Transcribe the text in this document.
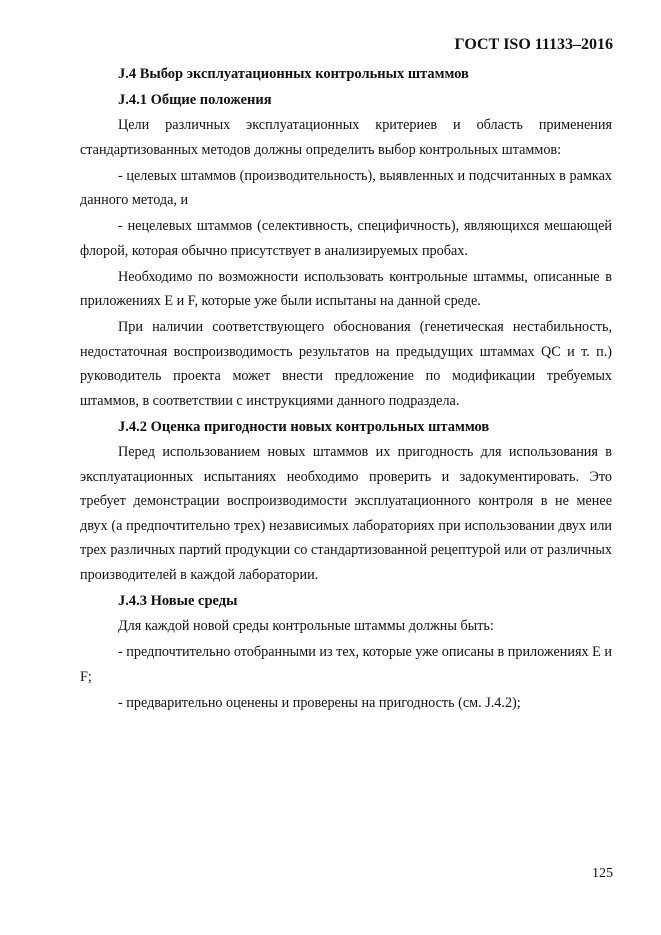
ГОСТ ISO 11133–2016
J.4 Выбор эксплуатационных контрольных штаммов
J.4.1 Общие положения

Цели различных эксплуатационных критериев и область применения стандартизованных методов должны определить выбор контрольных штаммов:

- целевых штаммов (производительность), выявленных и подсчитанных в рамках данного метода, и

- нецелевых штаммов (селективность, специфичность), являющихся мешающей флорой, которая обычно присутствует в анализируемых пробах.

Необходимо по возможности использовать контрольные штаммы, описанные в приложениях E и F, которые уже были испытаны на данной среде.

При наличии соответствующего обоснования (генетическая нестабильность, недостаточная воспроизводимость результатов на предыдущих штаммах QC и т. п.) руководитель проекта может внести предложение по модификации требуемых штаммов, в соответствии с инструкциями данного подраздела.

J.4.2 Оценка пригодности новых контрольных штаммов

Перед использованием новых штаммов их пригодность для использования в эксплуатационных испытаниях необходимо проверить и задокументировать. Это требует демонстрации воспроизводимости эксплуатационного контроля в не менее двух (а предпочтительно трех) независимых лабораториях при использовании двух или трех различных партий продукции со стандартизованной рецептурой или от различных производителей в каждой лаборатории.

J.4.3 Новые среды

Для каждой новой среды контрольные штаммы должны быть:

- предпочтительно отобранными из тех, которые уже описаны в приложениях E и F;

- предварительно оценены и проверены на пригодность (см. J.4.2);

125
